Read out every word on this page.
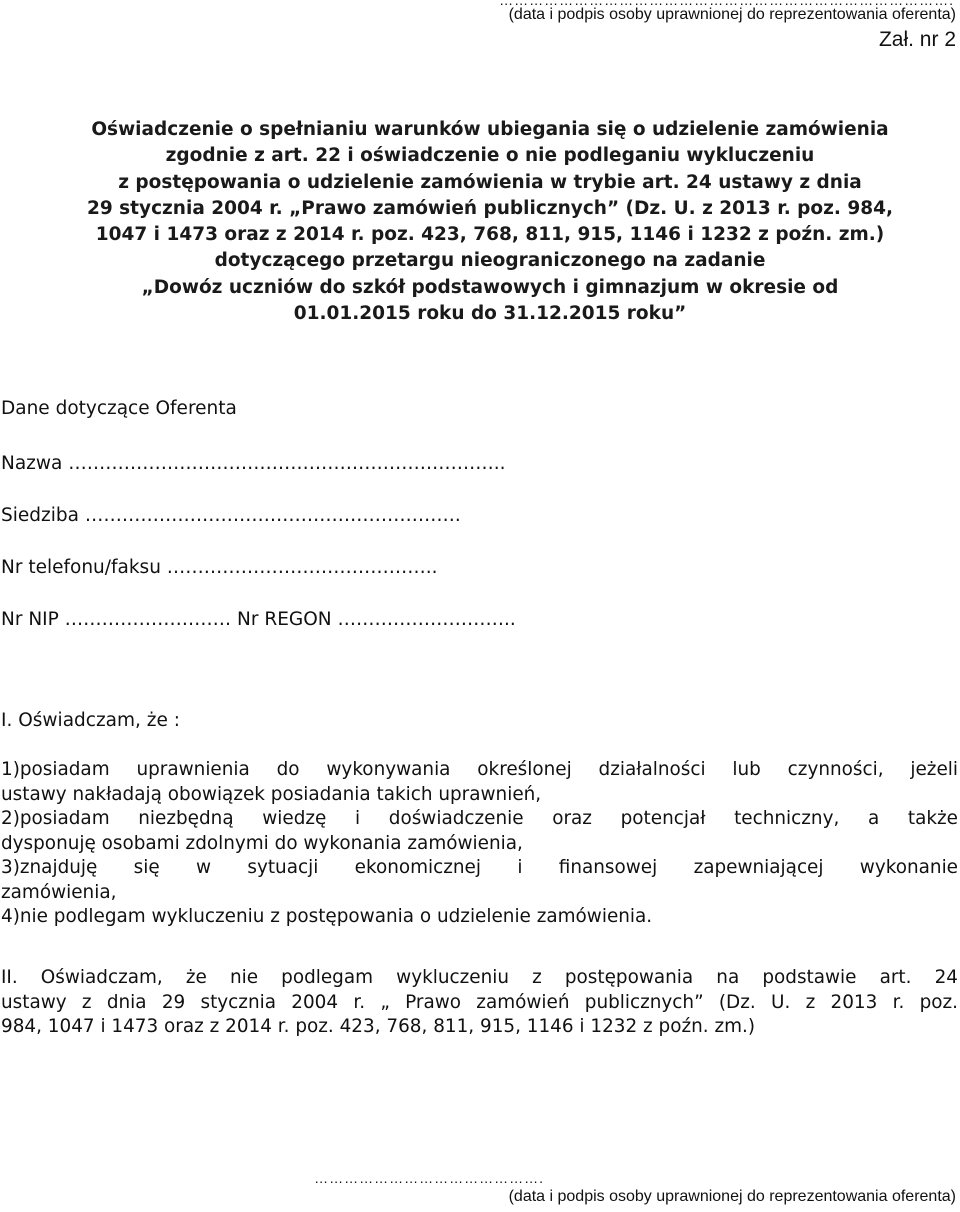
……………………………………………………………………………….
(data i podpis osoby uprawnionej do reprezentowania oferenta)
Zał. nr 2
Oświadczenie o spełnianiu warunków ubiegania się o udzielenie zamówienia
zgodnie z art. 22 i oświadczenie o nie podleganiu wykluczeniu
z postępowania o udzielenie zamówienia w trybie art. 24 ustawy z dnia
29 stycznia 2004 r. „Prawo zamówień publicznych” (Dz. U. z 2013 r. poz. 984,
1047 i 1473 oraz z 2014 r. poz. 423, 768, 811, 915, 1146 i 1232 z poźn. zm.)
dotyczącego przetargu nieograniczonego na zadanie
„Dowóz uczniów do szkół podstawowych i gimnazjum w okresie od
01.01.2015 roku do 31.12.2015 roku”
Dane dotyczące Oferenta
Nazwa ……………………………………………………………..
Siedziba …………………………………………………….
Nr telefonu/faksu ……………………………………..
Nr NIP ……………………… Nr REGON ………………………..
I. Oświadczam, że :
1)posiadam uprawnienia do wykonywania określonej działalności lub czynności, jeżeli
ustawy nakładają obowiązek posiadania takich uprawnień,
2)posiadam niezbędną wiedzę i doświadczenie oraz potencjał techniczny, a także
dysponuję osobami zdolnymi do wykonania zamówienia,
3)znajduję się w sytuacji ekonomicznej i finansowej zapewniającej wykonanie
zamówienia,
4)nie podlegam wykluczeniu z postępowania o udzielenie zamówienia.
II. Oświadczam, że nie podlegam wykluczeniu z postępowania na podstawie art. 24
ustawy z dnia 29 stycznia 2004 r. „ Prawo zamówień publicznych” (Dz. U. z 2013 r. poz.
984, 1047 i 1473 oraz z 2014 r. poz. 423, 768, 811, 915, 1146 i 1232 z poźn. zm.)
……………………………………….
(data i podpis osoby uprawnionej do reprezentowania oferenta)
